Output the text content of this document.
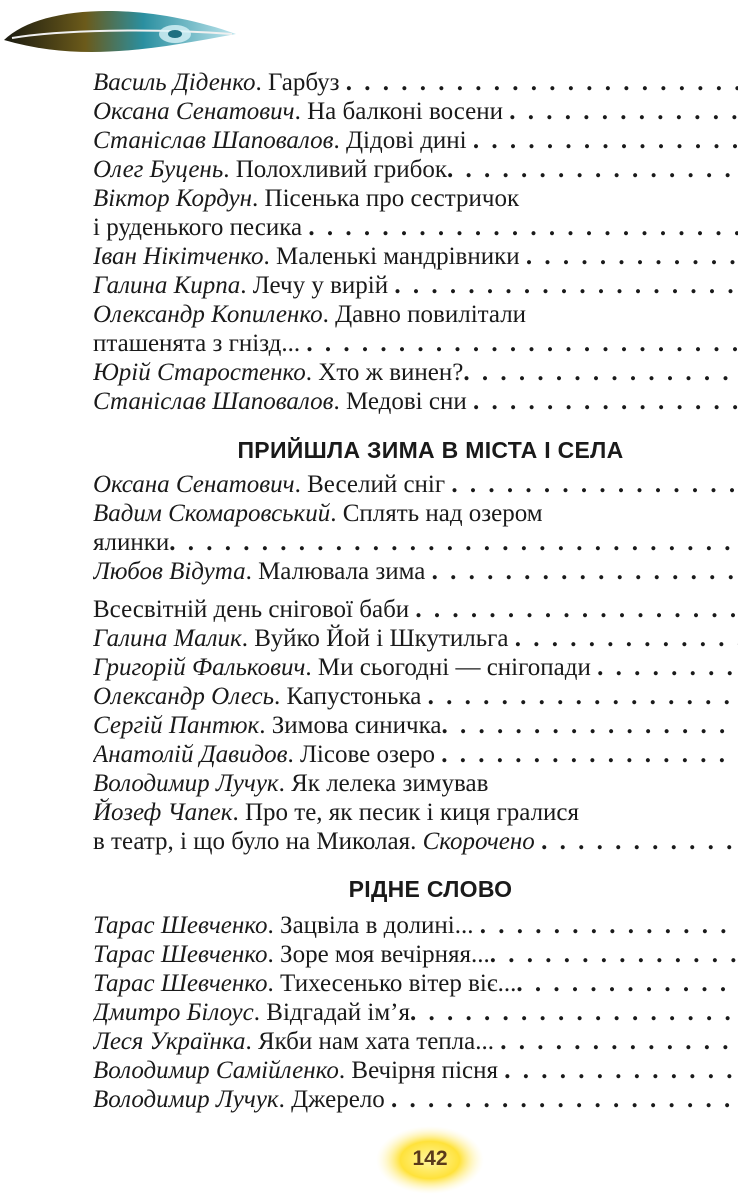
Василь Діденко. Гарбуз . . .
Оксана Сенатович. На балконі восени . . .
Станіслав Шаповалов. Дідові дині . . .
Олег Буцень. Полохливий грибок . . .
Віктор Кордун. Пісенька про сестричок
і руденького песика . . .
Іван Нікітченко. Маленькі мандрівники . . .
Галина Кирпа. Лечу у вирій . . .
Олександр Копиленко. Давно повилітали
пташенята з гнізд... . . .
Юрій Старостенко. Хто ж винен? . . .
Станіслав Шаповалов. Медові сни . . .
ПРИЙШЛА ЗИМА В МІСТА І СЕЛА
Оксана Сенатович. Веселий сніг . . .
Вадим Скомаровський. Сплять над озером
ялинки . . .
Любов Відута. Малювала зима . . .
Всесвітній день снігової баби . . .
Галина Малик. Вуйко Йой і Шкутильга . . .
Григорій Фалькович. Ми сьогодні — снігопади . . .
Олександр Олесь. Капустонька . . .
Сергій Пантюк. Зимова синичка . . .
Анатолій Давидов. Лісове озеро . . .
Володимир Лучук. Як лелека зимував
Йозеф Чапек. Про те, як песик і киця гралися
в театр, і що було на Миколая. Скорочено . . .
РІДНЕ СЛОВО
Тарас Шевченко. Зацвіла в долині... . . .
Тарас Шевченко. Зоре моя вечірняя... . . .
Тарас Шевченко. Тихесенько вітер віє... . . .
Дмитро Білоус. Відгадай ім’я . . .
Леся Українка. Якби нам хата тепла... . . .
Володимир Самійленко. Вечірня пісня . . .
Володимир Лучук. Джерело . . .
142
